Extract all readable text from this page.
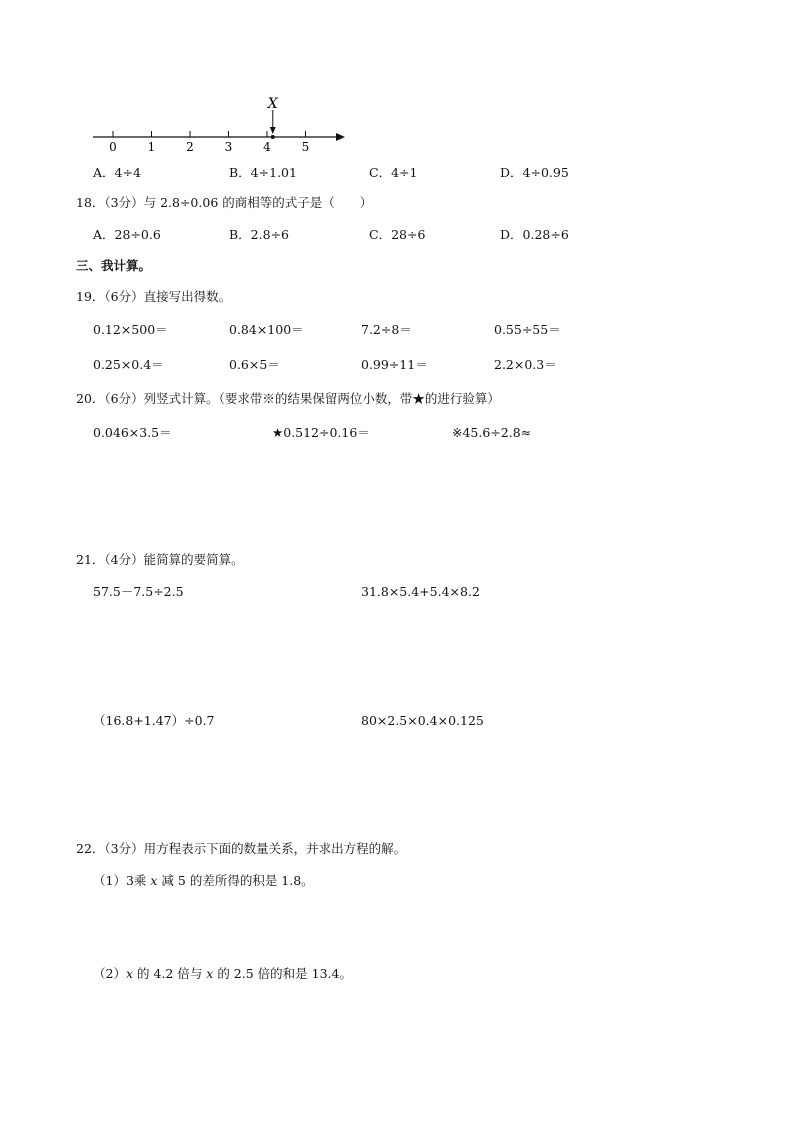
0	1	2	3	4	5
X
A．4÷4	B．4÷1.01	C．4÷1	D．4÷0.95
18．（3分）与 2.8÷0.06 的商相等的式子是（　　）
A．28÷0.6	B．2.8÷6	C．28÷6	D．0.28÷6
三、我计算。
19．（6分）直接写出得数。
0.12×500＝	0.84×100＝	7.2÷8＝	0.55÷55＝
0.25×0.4＝	0.6×5＝	0.99÷11＝	2.2×0.3＝
20．（6分）列竖式计算。（要求带※的结果保留两位小数，带★的进行验算）
0.046×3.5＝	★0.512÷0.16＝	※45.6÷2.8≈
21．（4分）能简算的要简算。
57.5－7.5÷2.5	31.8×5.4+5.4×8.2
（16.8+1.47）÷0.7	80×2.5×0.4×0.125
22．（3分）用方程表示下面的数量关系，并求出方程的解。
（1）3乘 x 减 5 的差所得的积是 1.8。
（2）x 的 4.2 倍与 x 的 2.5 倍的和是 13.4。
